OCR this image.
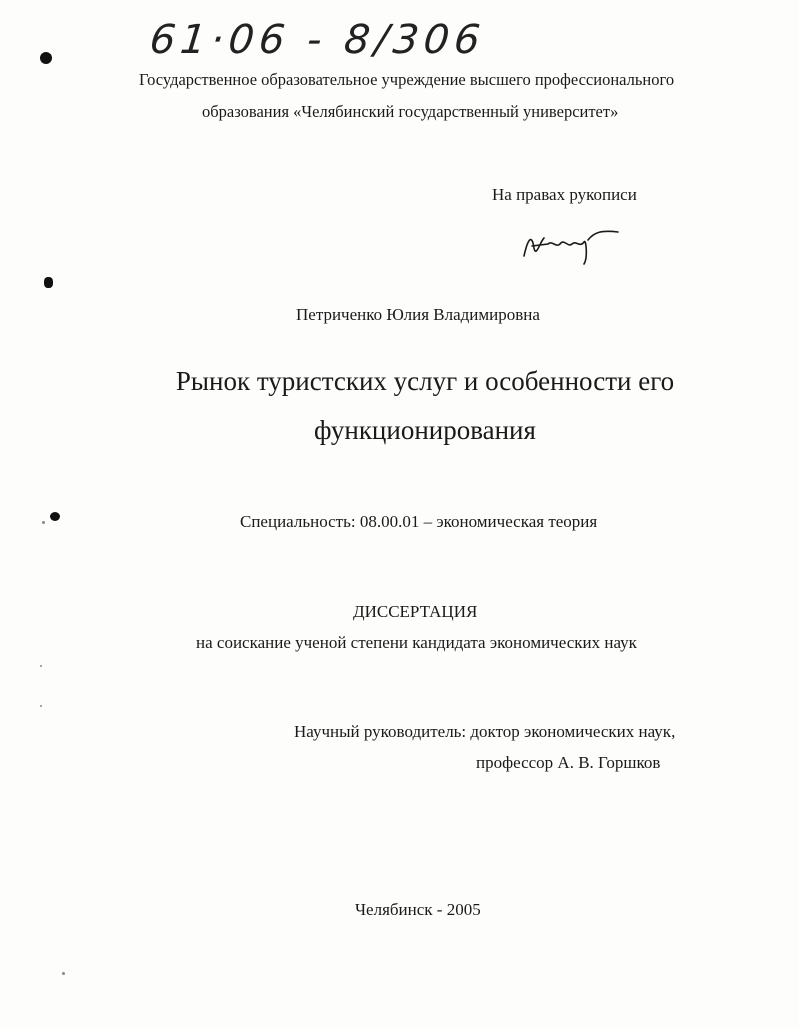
61·06 - 8/306
Государственное образовательное учреждение высшего профессионального
образования «Челябинский государственный университет»
На правах рукописи
Петриченко Юлия Владимировна
Рынок туристских услуг и особенности его
функционирования
Специальность: 08.00.01 – экономическая теория
ДИССЕРТАЦИЯ
на соискание ученой степени кандидата экономических наук
Научный руководитель: доктор экономических наук,
профессор А. В. Горшков
Челябинск - 2005
